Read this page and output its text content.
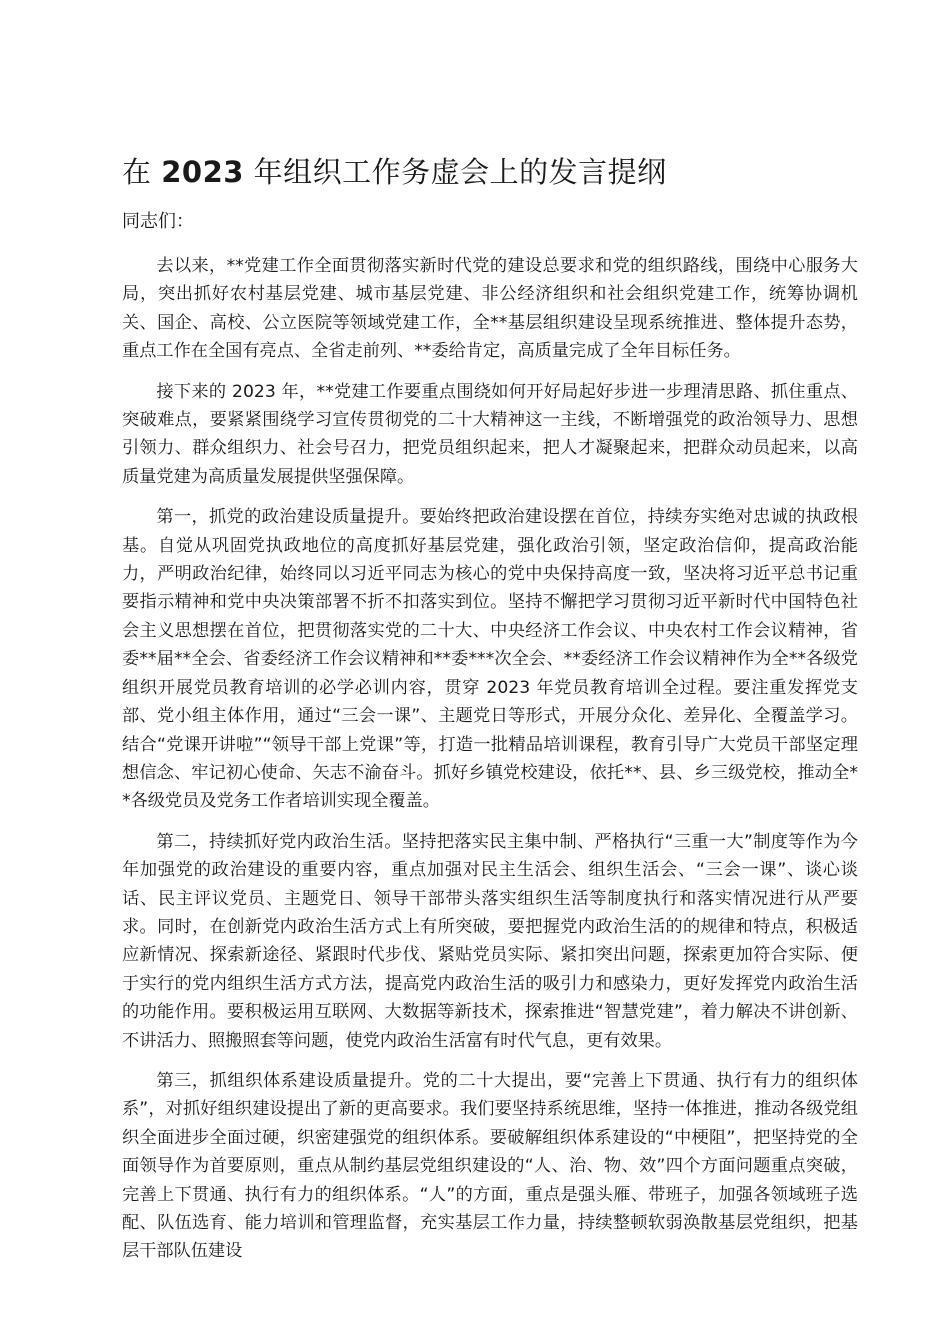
在 2023 年组织工作务虚会上的发言提纲

同志们：

去以来，**党建工作全面贯彻落实新时代党的建设总要求和党的组织路线，围绕中心服务大局，突出抓好农村基层党建、城市基层党建、非公经济组织和社会组织党建工作，统筹协调机关、国企、高校、公立医院等领域党建工作，全**基层组织建设呈现系统推进、整体提升态势，重点工作在全国有亮点、全省走前列、**委给肯定，高质量完成了全年目标任务。

接下来的 2023 年，**党建工作要重点围绕如何开好局起好步进一步理清思路、抓住重点、突破难点，要紧紧围绕学习宣传贯彻党的二十大精神这一主线，不断增强党的政治领导力、思想引领力、群众组织力、社会号召力，把党员组织起来，把人才凝聚起来，把群众动员起来，以高质量党建为高质量发展提供坚强保障。

第一，抓党的政治建设质量提升。要始终把政治建设摆在首位，持续夯实绝对忠诚的执政根基。自觉从巩固党执政地位的高度抓好基层党建，强化政治引领，坚定政治信仰，提高政治能力，严明政治纪律，始终同以习近平同志为核心的党中央保持高度一致，坚决将习近平总书记重要指示精神和党中央决策部署不折不扣落实到位。坚持不懈把学习贯彻习近平新时代中国特色社会主义思想摆在首位，把贯彻落实党的二十大、中央经济工作会议、中央农村工作会议精神，省委**届**全会、省委经济工作会议精神和**委***次全会、**委经济工作会议精神作为全**各级党组织开展党员教育培训的必学必训内容，贯穿 2023 年党员教育培训全过程。要注重发挥党支部、党小组主体作用，通过“三会一课”、主题党日等形式，开展分众化、差异化、全覆盖学习。结合“党课开讲啦”“领导干部上党课”等，打造一批精品培训课程，教育引导广大党员干部坚定理想信念、牢记初心使命、矢志不渝奋斗。抓好乡镇党校建设，依托**、县、乡三级党校，推动全**各级党员及党务工作者培训实现全覆盖。

第二，持续抓好党内政治生活。坚持把落实民主集中制、严格执行“三重一大”制度等作为今年加强党的政治建设的重要内容，重点加强对民主生活会、组织生活会、“三会一课”、谈心谈话、民主评议党员、主题党日、领导干部带头落实组织生活等制度执行和落实情况进行从严要求。同时，在创新党内政治生活方式上有所突破，要把握党内政治生活的的规律和特点，积极适应新情况、探索新途径、紧跟时代步伐、紧贴党员实际、紧扣突出问题，探索更加符合实际、便于实行的党内组织生活方式方法，提高党内政治生活的吸引力和感染力，更好发挥党内政治生活的功能作用。要积极运用互联网、大数据等新技术，探索推进“智慧党建”，着力解决不讲创新、不讲活力、照搬照套等问题，使党内政治生活富有时代气息，更有效果。

第三，抓组织体系建设质量提升。党的二十大提出，要“完善上下贯通、执行有力的组织体系”，对抓好组织建设提出了新的更高要求。我们要坚持系统思维，坚持一体推进，推动各级党组织全面进步全面过硬，织密建强党的组织体系。要破解组织体系建设的“中梗阻”，把坚持党的全面领导作为首要原则，重点从制约基层党组织建设的“人、治、物、效”四个方面问题重点突破，完善上下贯通、执行有力的组织体系。“人”的方面，重点是强头雁、带班子，加强各领域班子选配、队伍选育、能力培训和管理监督，充实基层工作力量，持续整顿软弱涣散基层党组织，把基层干部队伍建设
